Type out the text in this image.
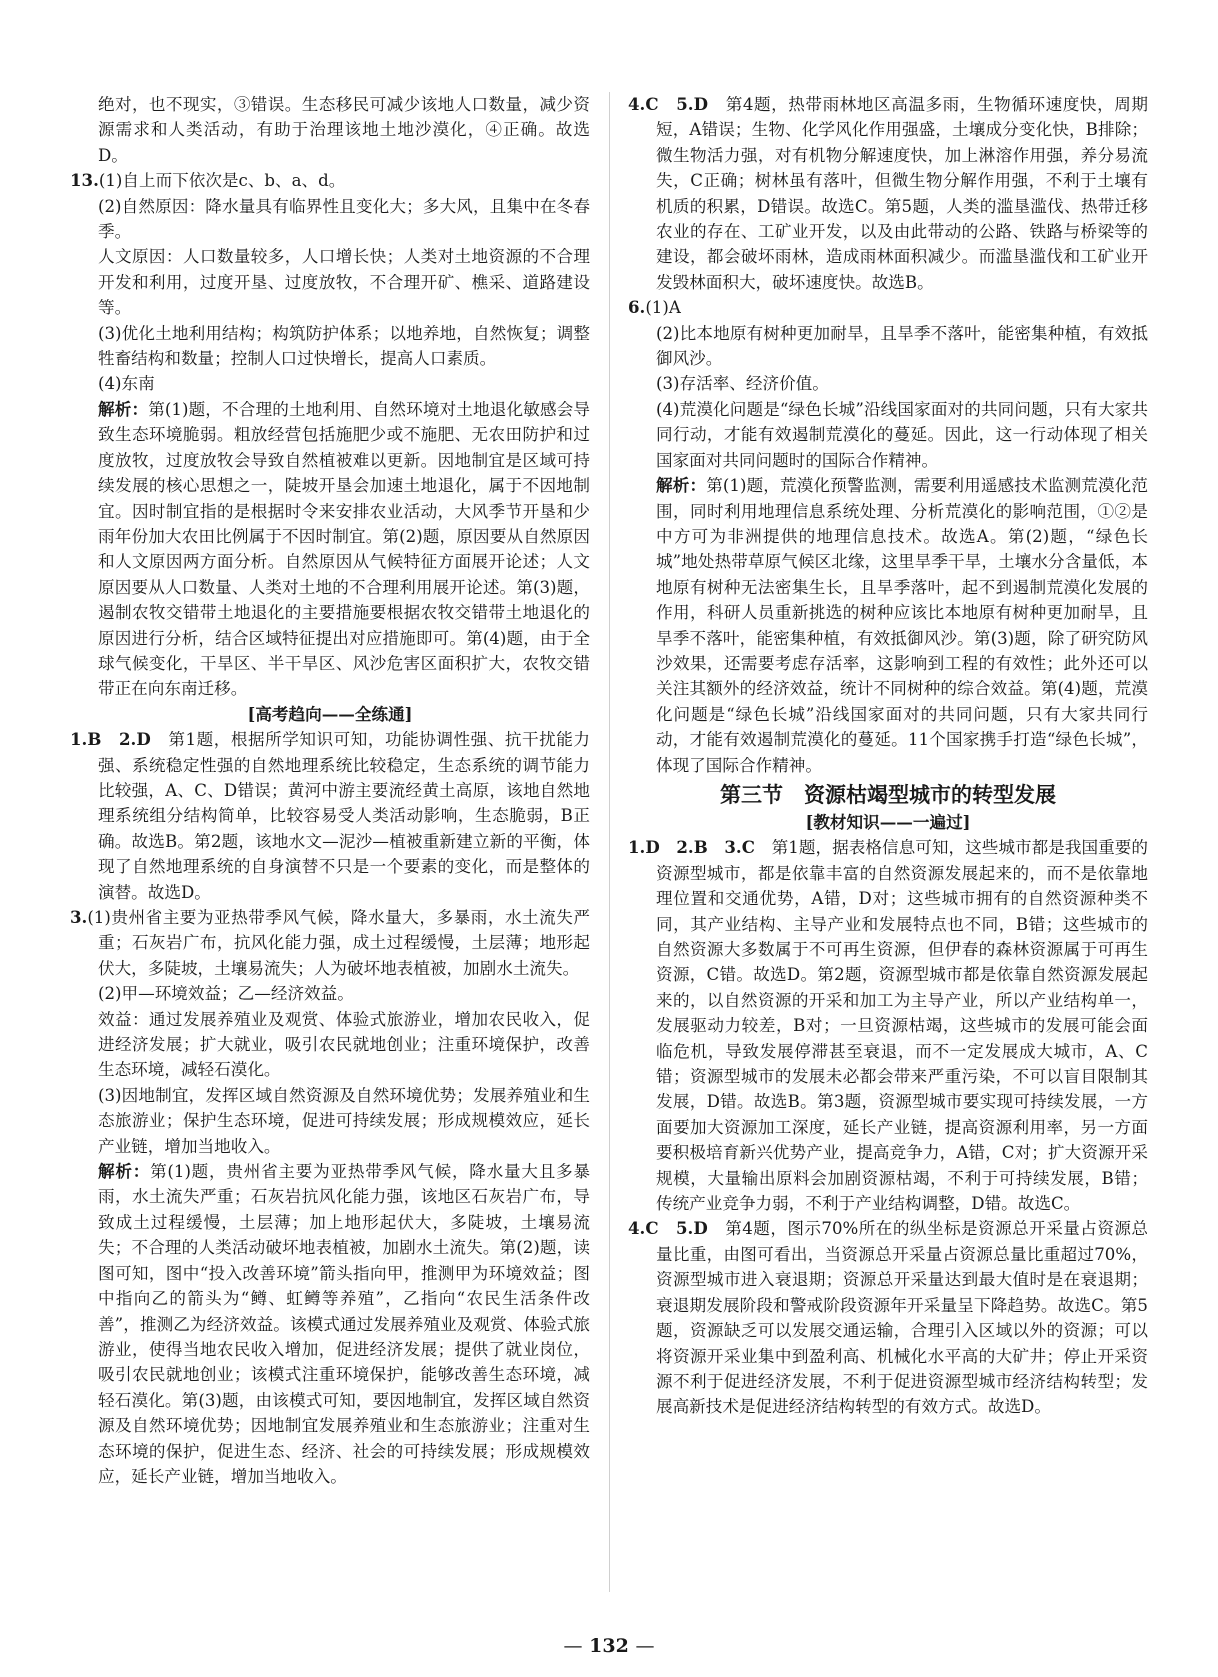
绝对，也不现实，③错误。生态移民可减少该地人口数量，减少资源需求和人类活动，有助于治理该地土地沙漠化，④正确。故选D。

13.(1)自上而下依次是c、b、a、d。

(2)自然原因：降水量具有临界性且变化大；多大风，且集中在冬春季。

人文原因：人口数量较多，人口增长快；人类对土地资源的不合理开发和利用，过度开垦、过度放牧，不合理开矿、樵采、道路建设等。

(3)优化土地利用结构；构筑防护体系；以地养地，自然恢复；调整牲畜结构和数量；控制人口过快增长，提高人口素质。

(4)东南

解析：第(1)题，不合理的土地利用、自然环境对土地退化敏感会导致生态环境脆弱。粗放经营包括施肥少或不施肥、无农田防护和过度放牧，过度放牧会导致自然植被难以更新。因地制宜是区域可持续发展的核心思想之一，陡坡开垦会加速土地退化，属于不因地制宜。因时制宜指的是根据时令来安排农业活动，大风季节开垦和少雨年份加大农田比例属于不因时制宜。第(2)题，原因要从自然原因和人文原因两方面分析。自然原因从气候特征方面展开论述；人文原因要从人口数量、人类对土地的不合理利用展开论述。第(3)题，遏制农牧交错带土地退化的主要措施要根据农牧交错带土地退化的原因进行分析，结合区域特征提出对应措施即可。第(4)题，由于全球气候变化，干旱区、半干旱区、风沙危害区面积扩大，农牧交错带正在向东南迁移。

[高考趋向——全练通]

1.B　2.D　 第1题，根据所学知识可知，功能协调性强、抗干扰能力强、系统稳定性强的自然地理系统比较稳定，生态系统的调节能力比较强，A、C、D错误；黄河中游主要流经黄土高原，该地自然地理系统组分结构简单，比较容易受人类活动影响，生态脆弱，B正确。故选B。第2题，该地水文—泥沙—植被重新建立新的平衡，体现了自然地理系统的自身演替不只是一个要素的变化，而是整体的演替。故选D。

3.(1)贵州省主要为亚热带季风气候，降水量大，多暴雨，水土流失严重；石灰岩广布，抗风化能力强，成土过程缓慢，土层薄；地形起伏大，多陡坡，土壤易流失；人为破坏地表植被，加剧水土流失。

(2)甲—环境效益；乙—经济效益。

效益：通过发展养殖业及观赏、体验式旅游业，增加农民收入，促进经济发展；扩大就业，吸引农民就地创业；注重环境保护，改善生态环境，减轻石漠化。

(3)因地制宜，发挥区域自然资源及自然环境优势；发展养殖业和生态旅游业；保护生态环境，促进可持续发展；形成规模效应，延长产业链，增加当地收入。

解析：第(1)题，贵州省主要为亚热带季风气候，降水量大且多暴雨，水土流失严重；石灰岩抗风化能力强，该地区石灰岩广布，导致成土过程缓慢，土层薄；加上地形起伏大，多陡坡，土壤易流失；不合理的人类活动破坏地表植被，加剧水土流失。第(2)题，读图可知，图中“投入改善环境”箭头指向甲，推测甲为环境效益；图中指向乙的箭头为“鳟、虹鳟等养殖”，乙指向“农民生活条件改善”，推测乙为经济效益。该模式通过发展养殖业及观赏、体验式旅游业，使得当地农民收入增加，促进经济发展；提供了就业岗位，吸引农民就地创业；该模式注重环境保护，能够改善生态环境，减轻石漠化。第(3)题，由该模式可知，要因地制宜，发挥区域自然资源及自然环境优势；因地制宜发展养殖业和生态旅游业；注重对生态环境的保护，促进生态、经济、社会的可持续发展；形成规模效应，延长产业链，增加当地收入。

4.C　5.D　 第4题，热带雨林地区高温多雨，生物循环速度快，周期短，A错误；生物、化学风化作用强盛，土壤成分变化快，B排除；微生物活力强，对有机物分解速度快，加上淋溶作用强，养分易流失，C正确；树林虽有落叶，但微生物分解作用强，不利于土壤有机质的积累，D错误。故选C。第5题，人类的滥垦滥伐、热带迁移农业的存在、工矿业开发，以及由此带动的公路、铁路与桥梁等的建设，都会破坏雨林，造成雨林面积减少。而滥垦滥伐和工矿业开发毁林面积大，破坏速度快。故选B。

6.(1)A

(2)比本地原有树种更加耐旱，且旱季不落叶，能密集种植，有效抵御风沙。

(3)存活率、经济价值。

(4)荒漠化问题是“绿色长城”沿线国家面对的共同问题，只有大家共同行动，才能有效遏制荒漠化的蔓延。因此，这一行动体现了相关国家面对共同问题时的国际合作精神。

解析：第(1)题，荒漠化预警监测，需要利用遥感技术监测荒漠化范围，同时利用地理信息系统处理、分析荒漠化的影响范围，①②是中方可为非洲提供的地理信息技术。故选A。第(2)题，“绿色长城”地处热带草原气候区北缘，这里旱季干旱，土壤水分含量低，本地原有树种无法密集生长，且旱季落叶，起不到遏制荒漠化发展的作用，科研人员重新挑选的树种应该比本地原有树种更加耐旱，且旱季不落叶，能密集种植，有效抵御风沙。第(3)题，除了研究防风沙效果，还需要考虑存活率，这影响到工程的有效性；此外还可以关注其额外的经济效益，统计不同树种的综合效益。第(4)题，荒漠化问题是“绿色长城”沿线国家面对的共同问题，只有大家共同行动，才能有效遏制荒漠化的蔓延。11个国家携手打造“绿色长城”，体现了国际合作精神。

第三节　资源枯竭型城市的转型发展

[教材知识——一遍过]

1.D　2.B　3.C　 第1题，据表格信息可知，这些城市都是我国重要的资源型城市，都是依靠丰富的自然资源发展起来的，而不是依靠地理位置和交通优势，A错，D对；这些城市拥有的自然资源种类不同，其产业结构、主导产业和发展特点也不同，B错；这些城市的自然资源大多数属于不可再生资源，但伊春的森林资源属于可再生资源，C错。故选D。第2题，资源型城市都是依靠自然资源发展起来的，以自然资源的开采和加工为主导产业，所以产业结构单一，发展驱动力较差，B对；一旦资源枯竭，这些城市的发展可能会面临危机，导致发展停滞甚至衰退，而不一定发展成大城市，A、C错；资源型城市的发展未必都会带来严重污染，不可以盲目限制其发展，D错。故选B。第3题，资源型城市要实现可持续发展，一方面要加大资源加工深度，延长产业链，提高资源利用率，另一方面要积极培育新兴优势产业，提高竞争力，A错，C对；扩大资源开采规模，大量输出原料会加剧资源枯竭，不利于可持续发展，B错；传统产业竞争力弱，不利于产业结构调整，D错。故选C。

4.C　5.D　 第4题，图示70%所在的纵坐标是资源总开采量占资源总量比重，由图可看出，当资源总开采量占资源总量比重超过70%，资源型城市进入衰退期；资源总开采量达到最大值时是在衰退期；衰退期发展阶段和警戒阶段资源年开采量呈下降趋势。故选C。第5题，资源缺乏可以发展交通运输，合理引入区域以外的资源；可以将资源开采业集中到盈利高、机械化水平高的大矿井；停止开采资源不利于促进经济发展，不利于促进资源型城市经济结构转型；发展高新技术是促进经济结构转型的有效方式。故选D。

— 132 —
